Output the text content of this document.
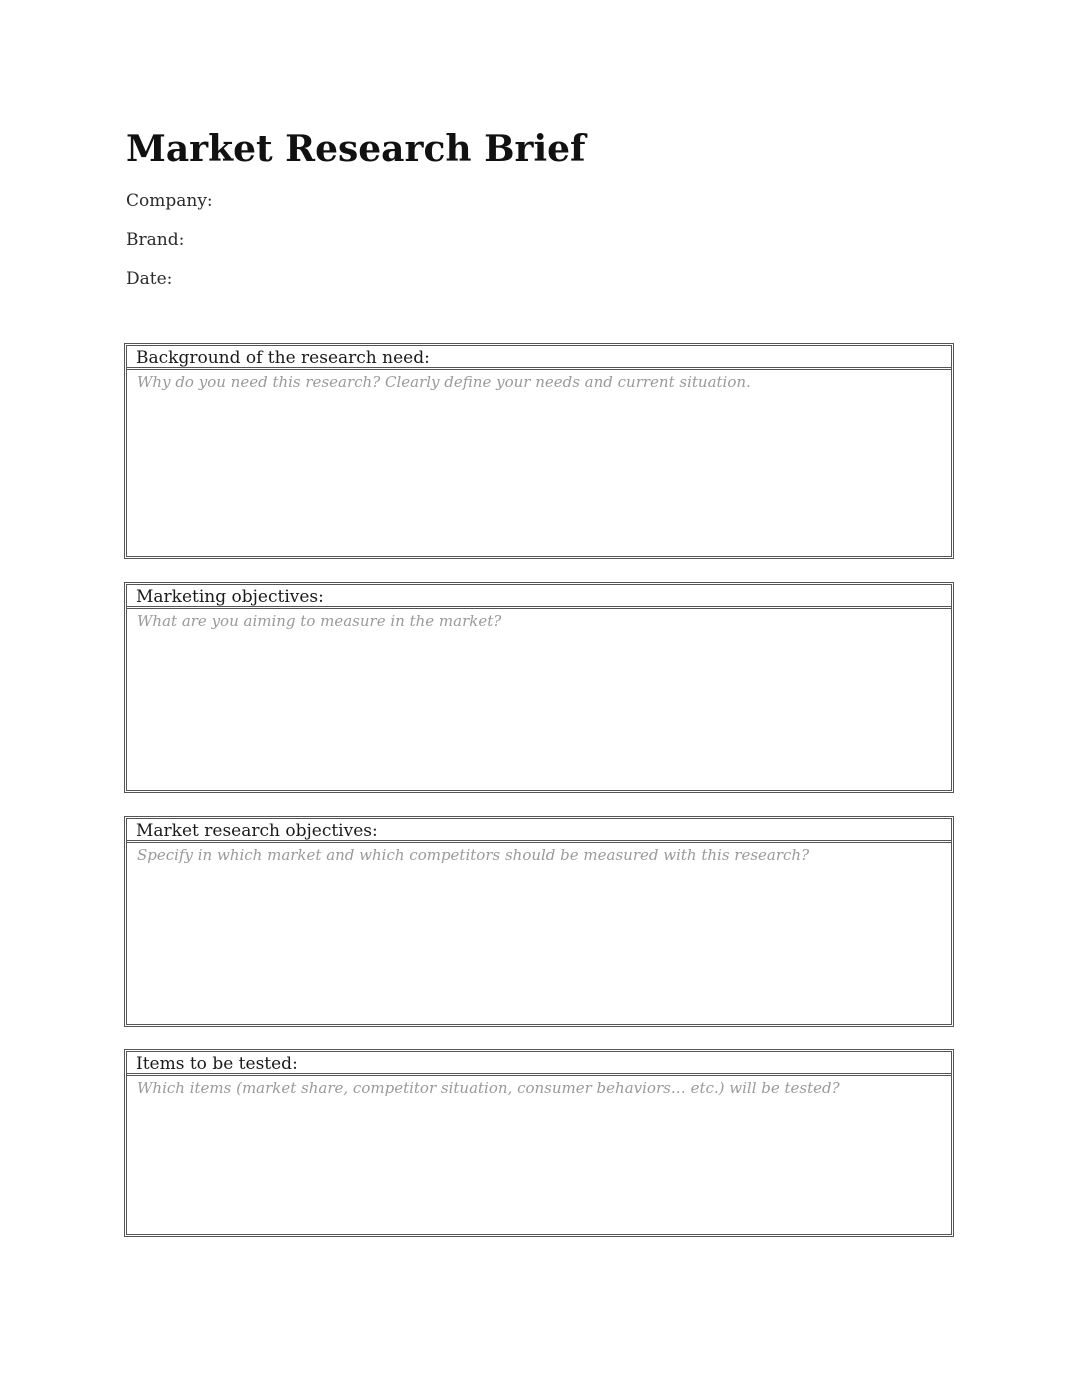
Market Research Brief
Company:
Brand:
Date:
Background of the research need:
Why do you need this research? Clearly define your needs and current situation.
Marketing objectives:
What are you aiming to measure in the market?
Market research objectives:
Specify in which market and which competitors should be measured with this research?
Items to be tested:
Which items (market share, competitor situation, consumer behaviors… etc.) will be tested?
